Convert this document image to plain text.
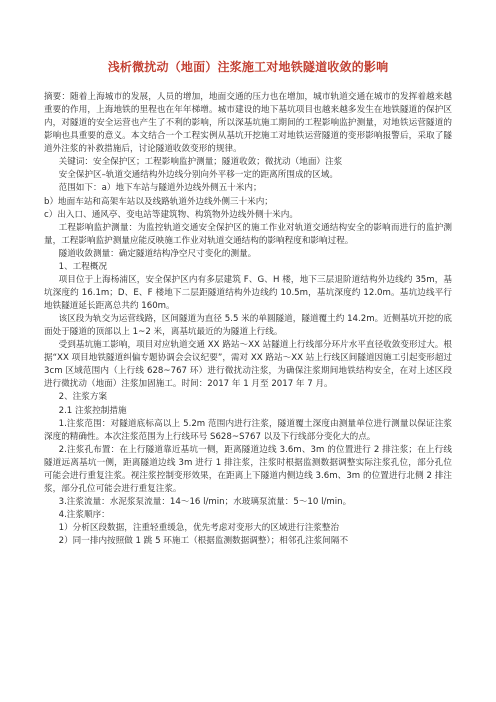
浅析微扰动（地面）注浆施工对地铁隧道收敛的影响

摘要：随着上海城市的发展，人员的增加，地面交通的压力也在增加，城市轨道交通在城市的发挥着越来越重要的作用，上海地铁的里程也在年年梯增。城市建设的地下基坑项目也越来越多发生在地铁隧道的保护区内，对隧道的安全运营也产生了不利的影响，所以深基坑施工期间的工程影响监护测量，对地铁运营隧道的影响也具重要的意义。本文结合一个工程实例从基坑开挖施工对地铁运营隧道的变形影响报警后，采取了隧道外注浆的补救措施后，讨论隧道收敛变形的规律。

关键词：安全保护区；工程影响监护测量；隧道收敛；微扰动（地面）注浆

安全保护区–轨道交通结构外边线分别向外平移一定的距离所围成的区域。

范围如下：a）地下车站与隧道外边线外侧五十米内；

b）地面车站和高架车站以及线路轨道外边线外侧三十米内；

c）出入口、通风亭、变电站等建筑物、构筑物外边线外侧十米内。

工程影响监护测量：为监控轨道交通安全保护区的施工作业对轨道交通结构安全的影响而进行的监护测量，工程影响监护测量应能反映施工作业对轨道交通结构的影响程度和影响过程。

隧道收敛测量：确定隧道结构净空尺寸变化的测量。

1、工程概况

项目位于上海杨浦区，安全保护区内有多层建筑 F、G、H 楼，地下三层退阶道结构外边线约 35m，基坑深度约 16.1m；D、E、F 楼地下二层距隧道结构外边线约 10.5m，基坑深度约 12.0m。基坑边线平行地铁隧道延长距离总共约 160m。

该区段为轨交为运营线路，区间隧道为直径 5.5 米的单圆隧道，隧道覆土约 14.2m。近侧基坑开挖的底面处于隧道的顶部以上 1~2 米，离基坑最近的为隧道上行线。

受到基坑施工影响，项目对应轨道交通 XX 路站～XX 站隧道上行线部分环片水平直径收敛变形过大。根据“XX 项目地铁隧道纠偏专题协调会会议纪要”，需对 XX 路站～XX 站上行线区间隧道因施工引起变形超过 3cm 区域范围内（上行线 628~767 环）进行微扰动注浆，为确保注浆期间地铁结构安全，在对上述区段进行微扰动（地面）注浆加固施工。时间：2017 年 1 月至 2017 年 7 月。

2、注浆方案

2.1 注浆控制措施

1.注浆范围：对隧道底标高以上 5.2m 范围内进行注浆，隧道覆土深度由测量单位进行测量以保证注浆深度的精确性。本次注浆范围为上行线环号 S628~S767 以及下行线部分变化大的点。

2.注浆孔布置：在上行隧道靠近基坑一侧，距离隧道边线 3.6m、3m 的位置进行 2 排注浆；在上行线隧道远离基坑一侧，距离隧道边线 3m 进行 1 排注浆，注浆时根据监测数据调整实际注浆孔位，部分孔位可能会进行重复注浆。视注浆控制变形效果，在距离上下隧道内侧边线 3.6m、3m 的位置进行北侧 2 排注浆，部分孔位可能会进行重复注浆。

3.注浆流量：水泥浆泵流量：14～16 l/min；水玻璃泵流量：5～10 l/min。

4.注浆顺序：

1）分析区段数据，注重轻重缓急，优先考虑对变形大的区域进行注浆整治

2）同一排内按照做 1 跳 5 环施工（根据监测数据调整）；相邻孔注浆间隔不
